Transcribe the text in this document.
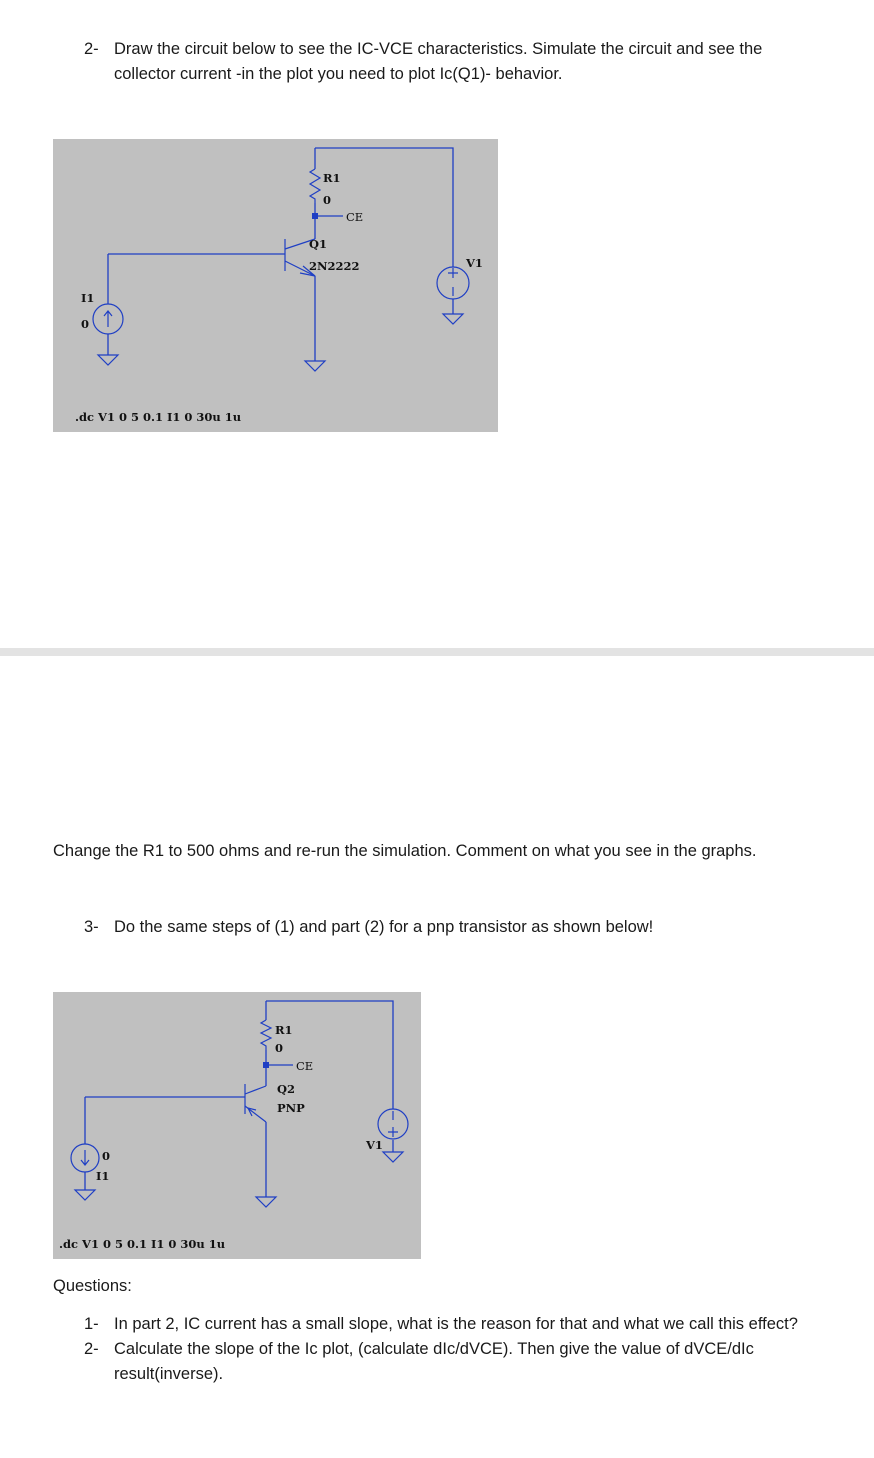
2- Draw the circuit below to see the IC-VCE characteristics. Simulate the circuit and see the
collector current -in the plot you need to plot Ic(Q1)- behavior.
R1
0
CE
Q1
2N2222	V1
I1
0
.dc V1 0 5 0.1 I1 0 30u 1u
Change the R1 to 500 ohms and re-run the simulation. Comment on what you see in the graphs.
3- Do the same steps of (1) and part (2) for a pnp transistor as shown below!
R1
0
CE
Q2
PNP
V1
0
I1
.dc V1 0 5 0.1 I1 0 30u 1u
Questions:
1- In part 2, IC current has a small slope, what is the reason for that and what we call this effect?
2- Calculate the slope of the Ic plot, (calculate dIc/dVCE). Then give the value of dVCE/dIc
result(inverse).
